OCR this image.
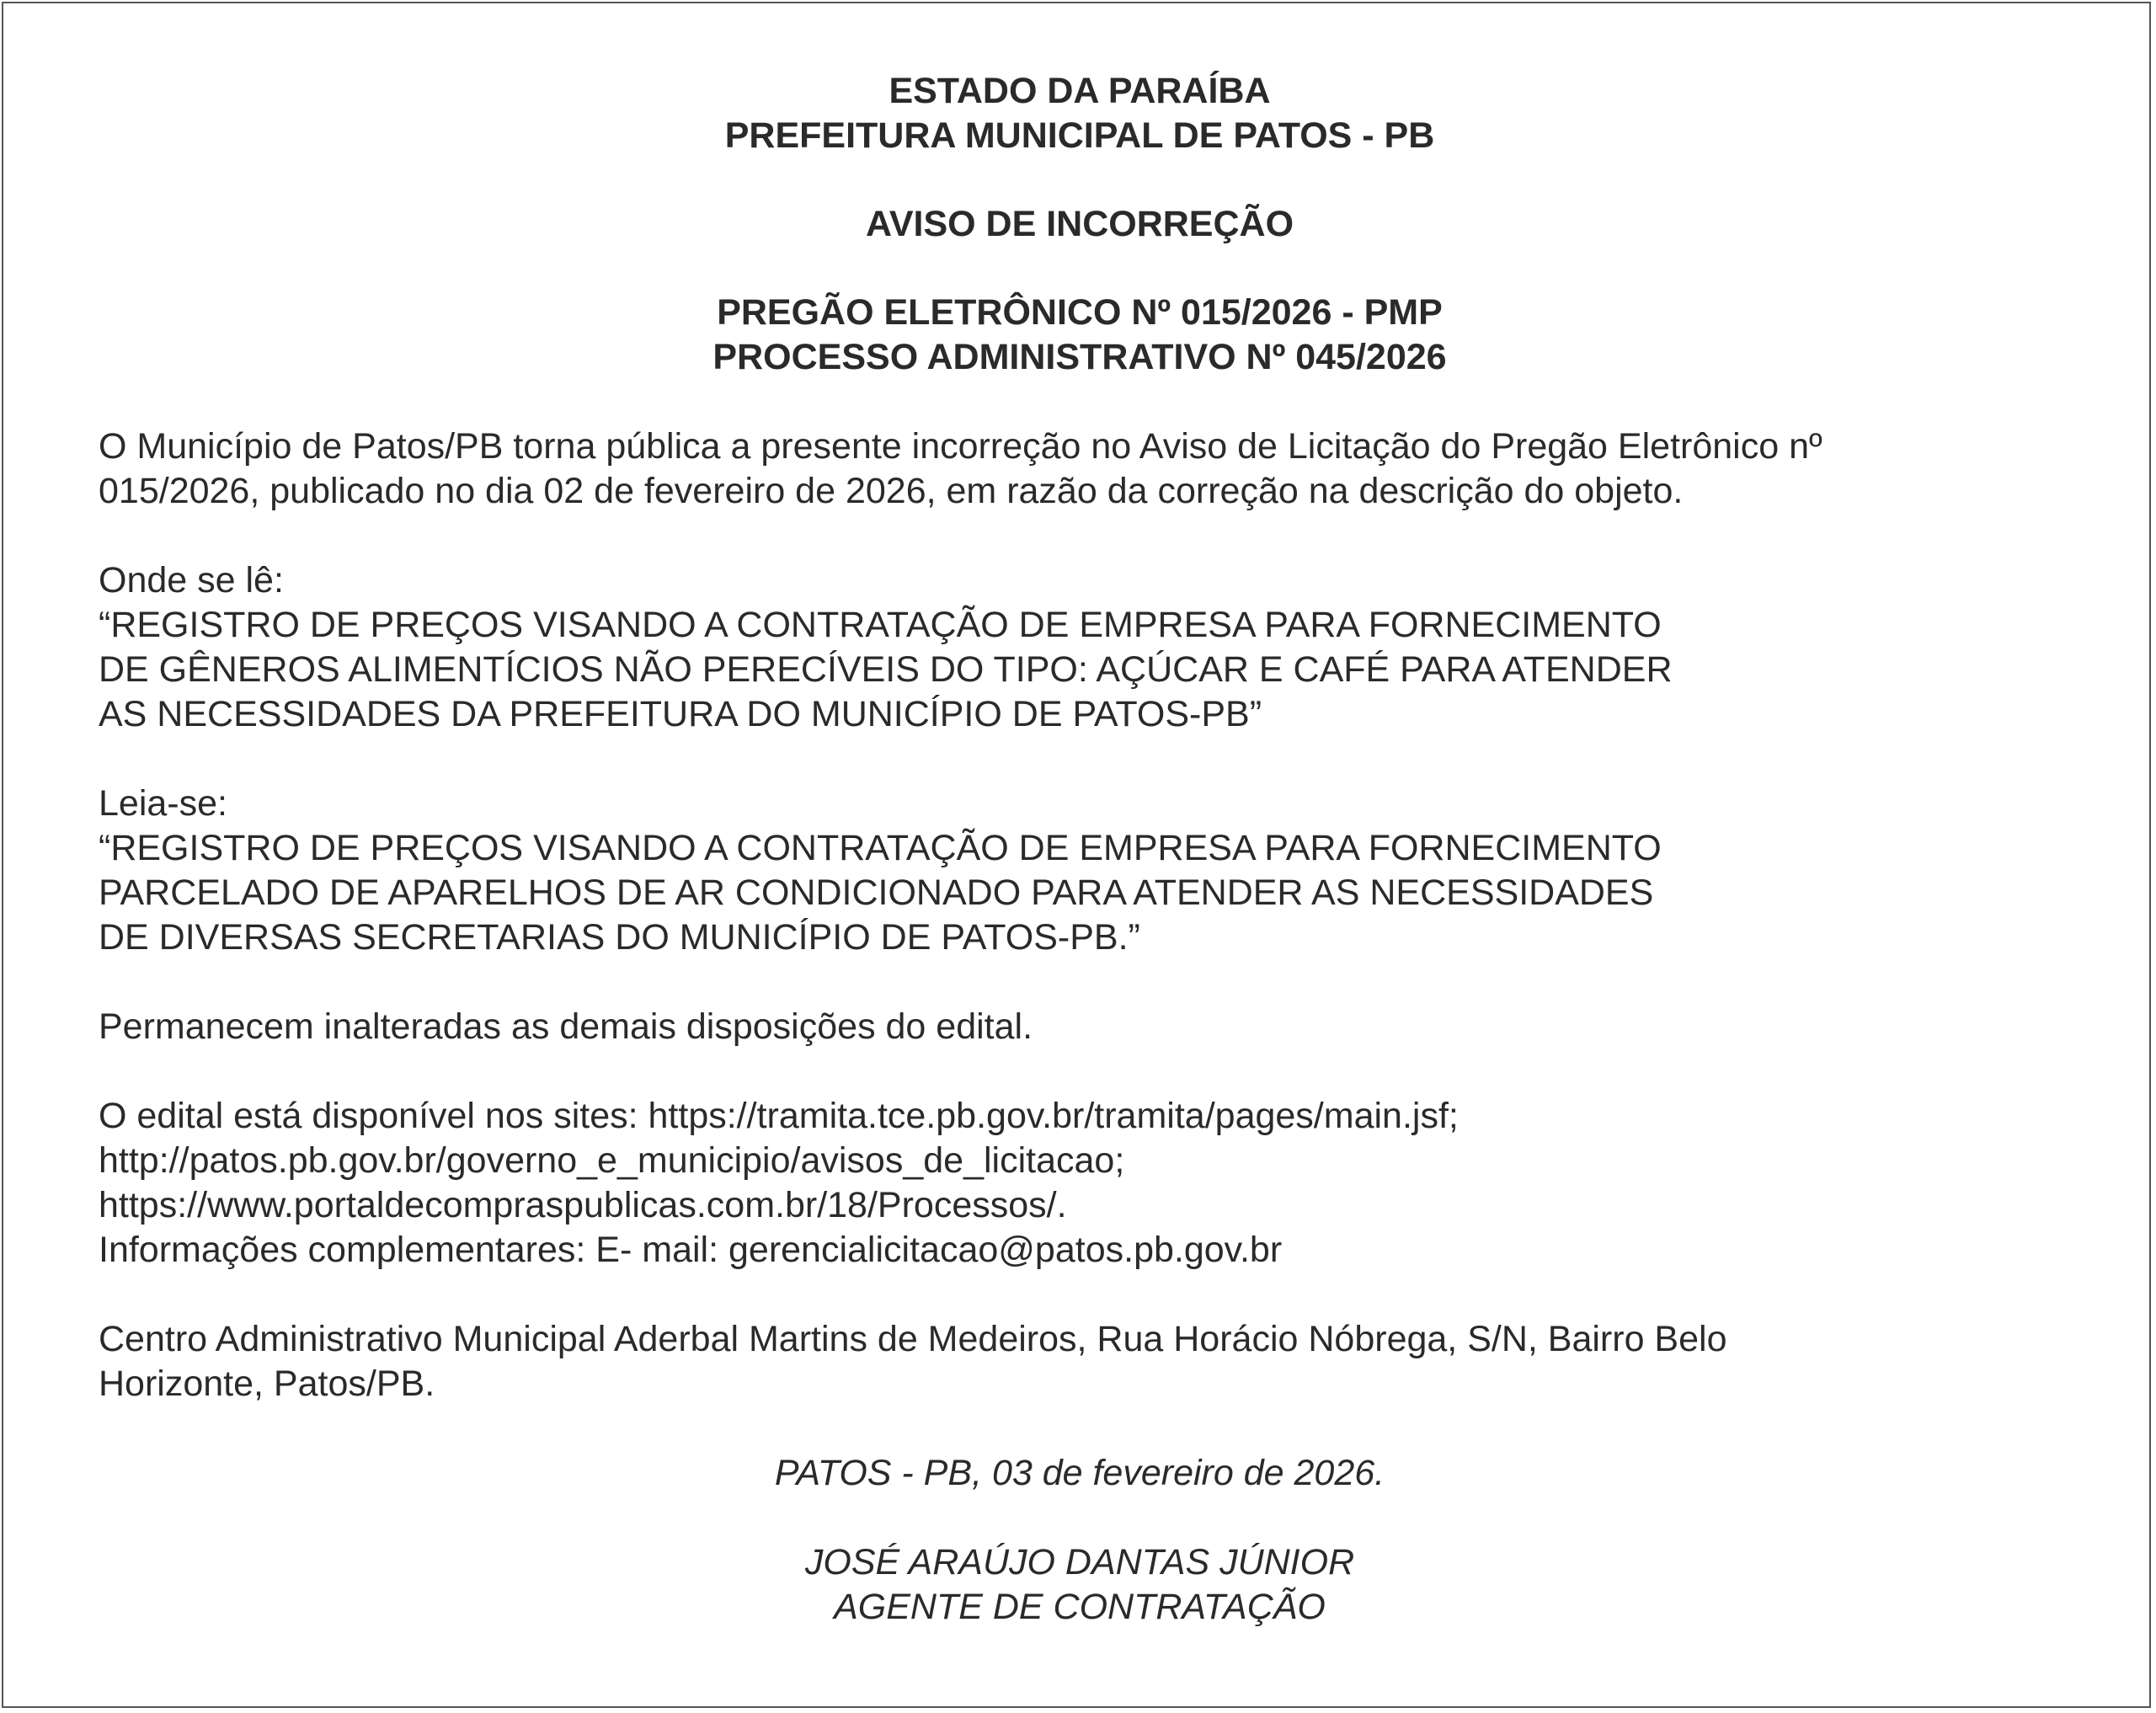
ESTADO DA PARAÍBA

PREFEITURA MUNICIPAL DE PATOS - PB

AVISO DE INCORREÇÃO

PREGÃO ELETRÔNICO Nº 015/2026 - PMP

PROCESSO ADMINISTRATIVO Nº 045/2026

O Município de Patos/PB torna pública a presente incorreção no Aviso de Licitação do Pregão Eletrônico nº

015/2026, publicado no dia 02 de fevereiro de 2026, em razão da correção na descrição do objeto.

Onde se lê:

“REGISTRO DE PREÇOS VISANDO A CONTRATAÇÃO DE EMPRESA PARA FORNECIMENTO
DE GÊNEROS ALIMENTÍCIOS NÃO PERECÍVEIS DO TIPO: AÇÚCAR E CAFÉ PARA ATENDER
AS NECESSIDADES DA PREFEITURA DO MUNICÍPIO DE PATOS-PB”

Leia-se:

“REGISTRO DE PREÇOS VISANDO A CONTRATAÇÃO DE EMPRESA PARA FORNECIMENTO
PARCELADO DE APARELHOS DE AR CONDICIONADO PARA ATENDER AS NECESSIDADES
DE DIVERSAS SECRETARIAS DO MUNICÍPIO DE PATOS-PB.”

Permanecem inalteradas as demais disposições do edital.

O edital está disponível nos sites: https://tramita.tce.pb.gov.br/tramita/pages/main.jsf;
http://patos.pb.gov.br/governo_e_municipio/avisos_de_licitacao;
https://www.portaldecompraspublicas.com.br/18/Processos/.
Informações complementares: E- mail: gerencialicitacao@patos.pb.gov.br
Centro Administrativo Municipal Aderbal Martins de Medeiros, Rua Horácio Nóbrega, S/N, Bairro Belo
Horizonte, Patos/PB.

PATOS - PB, 03 de fevereiro de 2026.

JOSÉ ARAÚJO DANTAS JÚNIOR

AGENTE DE CONTRATAÇÃO
